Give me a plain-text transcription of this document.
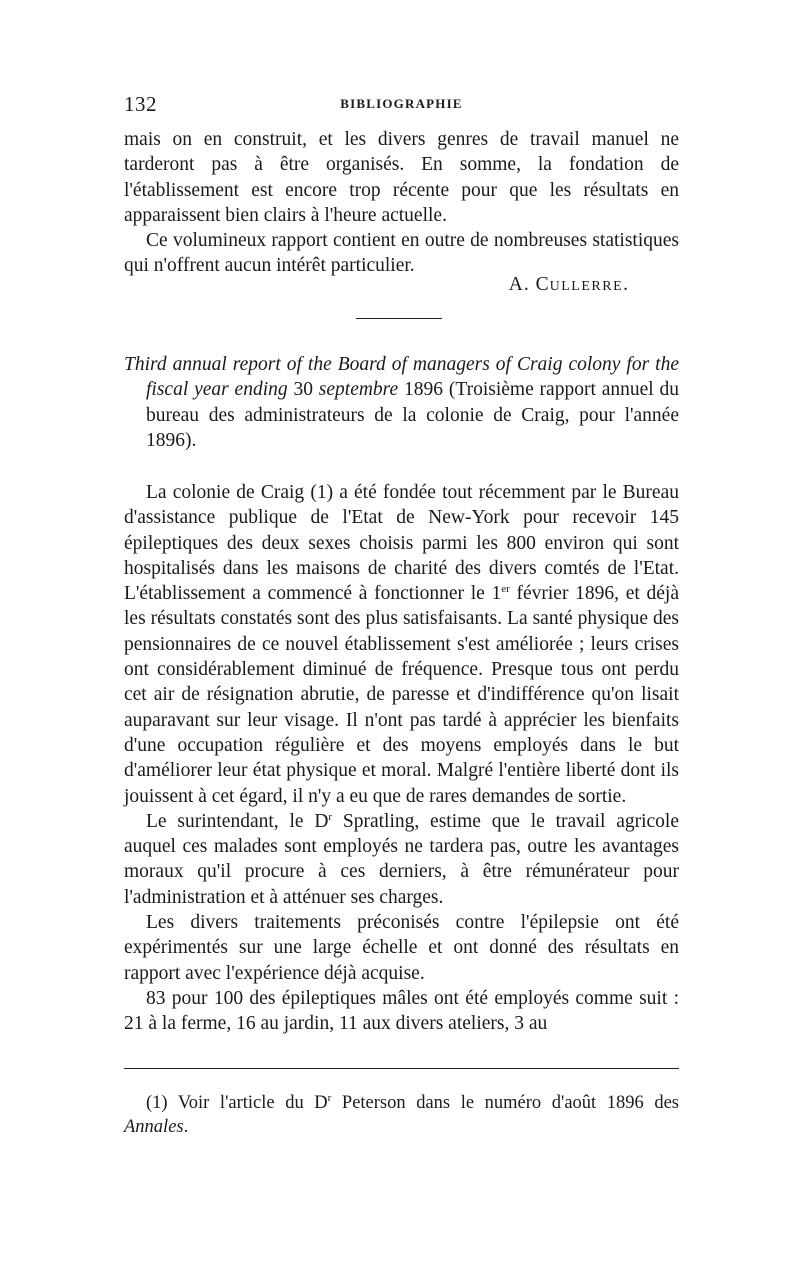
132	BIBLIOGRAPHIE

mais on en construit, et les divers genres de travail manuel ne tarderont pas à être organisés. En somme, la fondation de l'établissement est encore trop récente pour que les résultats en apparaissent bien clairs à l'heure actuelle.

Ce volumineux rapport contient en outre de nombreuses statistiques qui n'offrent aucun intérêt particulier.

A. CULLERRE.
Third annual report of the Board of managers of Craig colony for the fiscal year ending 30 septembre 1896 (Troisième rapport annuel du bureau des administrateurs de la colonie de Craig, pour l'année 1896).

La colonie de Craig (1) a été fondée tout récemment par le Bureau d'assistance publique de l'Etat de New-York pour recevoir 145 épileptiques des deux sexes choisis parmi les 800 environ qui sont hospitalisés dans les maisons de charité des divers comtés de l'Etat. L'établissement a commencé à fonctionner le 1er février 1896, et déjà les résultats constatés sont des plus satisfaisants. La santé physique des pensionnaires de ce nouvel établissement s'est améliorée ; leurs crises ont considérablement diminué de fréquence. Presque tous ont perdu cet air de résignation abrutie, de paresse et d'indifférence qu'on lisait auparavant sur leur visage. Il n'ont pas tardé à apprécier les bienfaits d'une occupation régulière et des moyens employés dans le but d'améliorer leur état physique et moral. Malgré l'entière liberté dont ils jouissent à cet égard, il n'y a eu que de rares demandes de sortie.

Le surintendant, le $D^r$ Spratling, estime que le travail agricole auquel ces malades sont employés ne tardera pas, outre les avantages moraux qu'il procure à ces derniers, à être rémunérateur pour l'administration et à atténuer ses charges.

Les divers traitements préconisés contre l'épilepsie ont été expérimentés sur une large échelle et ont donné des résultats en rapport avec l'expérience déjà acquise.

83 pour 100 des épileptiques mâles ont été employés comme suit : 21 à la ferme, 16 au jardin, 11 aux divers ateliers, 3 au

(1) Voir l'article du $D^r$ Peterson dans le numéro d'août 1896 des Annales.
